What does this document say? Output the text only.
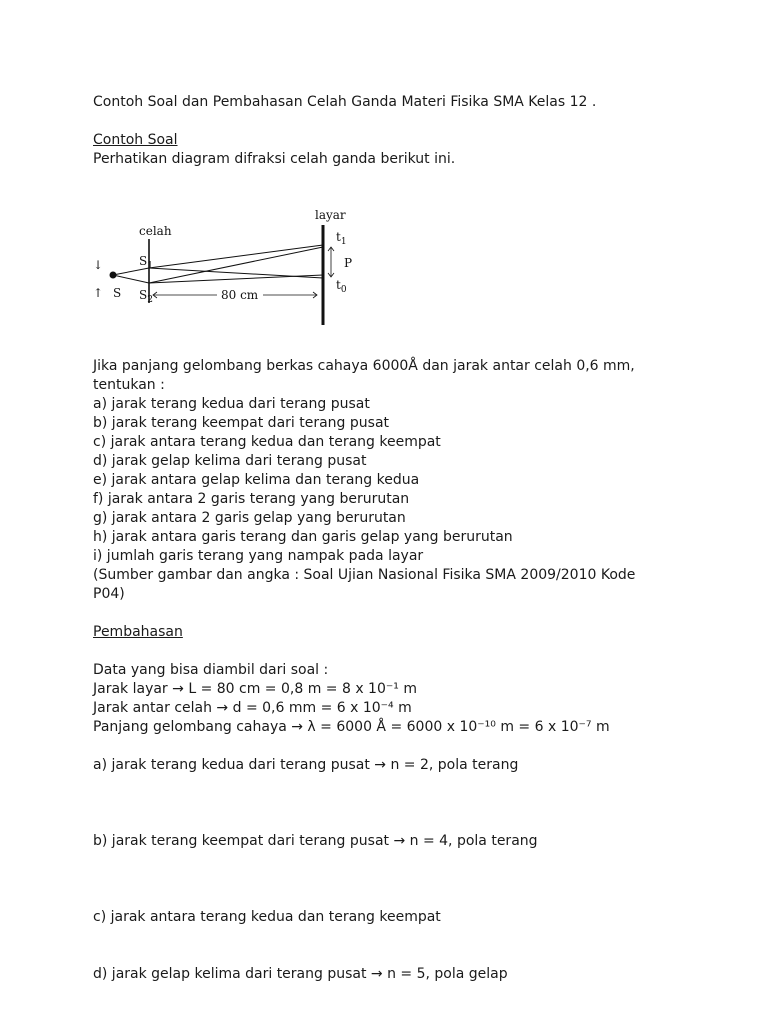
Contoh Soal dan Pembahasan Celah Ganda Materi Fisika SMA Kelas 12 .

Contoh Soal

Perhatikan diagram difraksi celah ganda berikut ini.

layar
celah
$S_1$
$S_2$
S
$t_1$
$t_0$
P
80 cm
↓
↑

Jika panjang gelombang berkas cahaya 6000Å dan jarak antar celah 0,6 mm,

tentukan :

a) jarak terang kedua dari terang pusat

b) jarak terang keempat dari terang pusat

c) jarak antara terang kedua dan terang keempat

d) jarak gelap kelima dari terang pusat

e) jarak antara gelap kelima dan terang kedua

f) jarak antara 2 garis terang yang berurutan

g) jarak antara 2 garis gelap yang berurutan

h) jarak antara garis terang dan garis gelap yang berurutan

i) jumlah garis terang yang nampak pada layar

(Sumber gambar dan angka : Soal Ujian Nasional Fisika SMA 2009/2010 Kode

P04)

Pembahasan

Data yang bisa diambil dari soal :

Jarak layar → L = 80 cm = 0,8 m = 8 x 10⁻¹ m

Jarak antar celah → d = 0,6 mm = 6 x 10⁻⁴ m

Panjang gelombang cahaya → λ = 6000 Å = 6000 x 10⁻¹⁰ m = 6 x 10⁻⁷ m

a) jarak terang kedua dari terang pusat → n = 2, pola terang

b) jarak terang keempat dari terang pusat → n = 4, pola terang

c) jarak antara terang kedua dan terang keempat

d) jarak gelap kelima dari terang pusat → n = 5, pola gelap
